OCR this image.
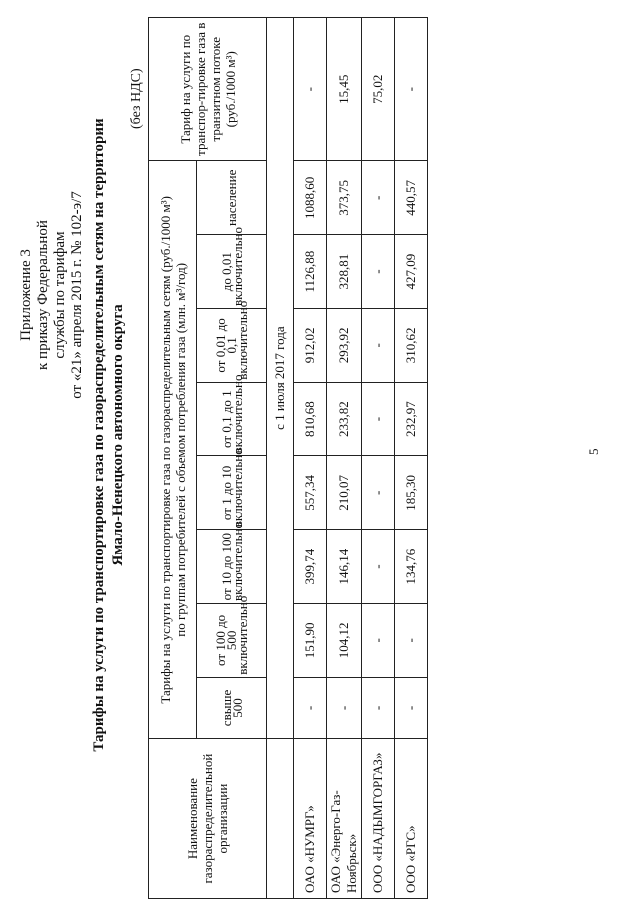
Приложение 3 к приказу Федеральной службы по тарифам от «21» апреля 2015 г. № 102-э/7 Тарифы на услуги по транспортировке газа по газораспределительным сетям на территории Ямало-Ненецкого автономного округа
(без НДС)
Наименование газораспределительной организации	Тарифы на услуги по транспортировке газа по газораспределительным сетям (руб./1000 м³) по группам потребителей с объемом потребления газа (млн. м³/год)								Тариф на услуги по транспор-тировке газа в транзитном потоке (руб./1000 м³)
	свыше 500	от 100 до 500 включительно	от 10 до 100 включительно	от 1 до 10 включительно	от 0,1 до 1 включительно	от 0,01 до 0,1 включительно	до 0,01 включительно	население	
	с 1 июля 2017 года								
ОАО «НУМРГ»	-	151,90	399,74	557,34	810,68	912,02	1126,88	1088,60	-
ОАО «Энерго-Газ-Ноябрьск»	-	104,12	146,14	210,07	233,82	293,92	328,81	373,75	15,45
ООО «НАДЫМГОРГАЗ»	-	-	-	-	-	-	-	-	75,02
ООО «РГС»	-	-	134,76	185,30	232,97	310,62	427,09	440,57	-
5
